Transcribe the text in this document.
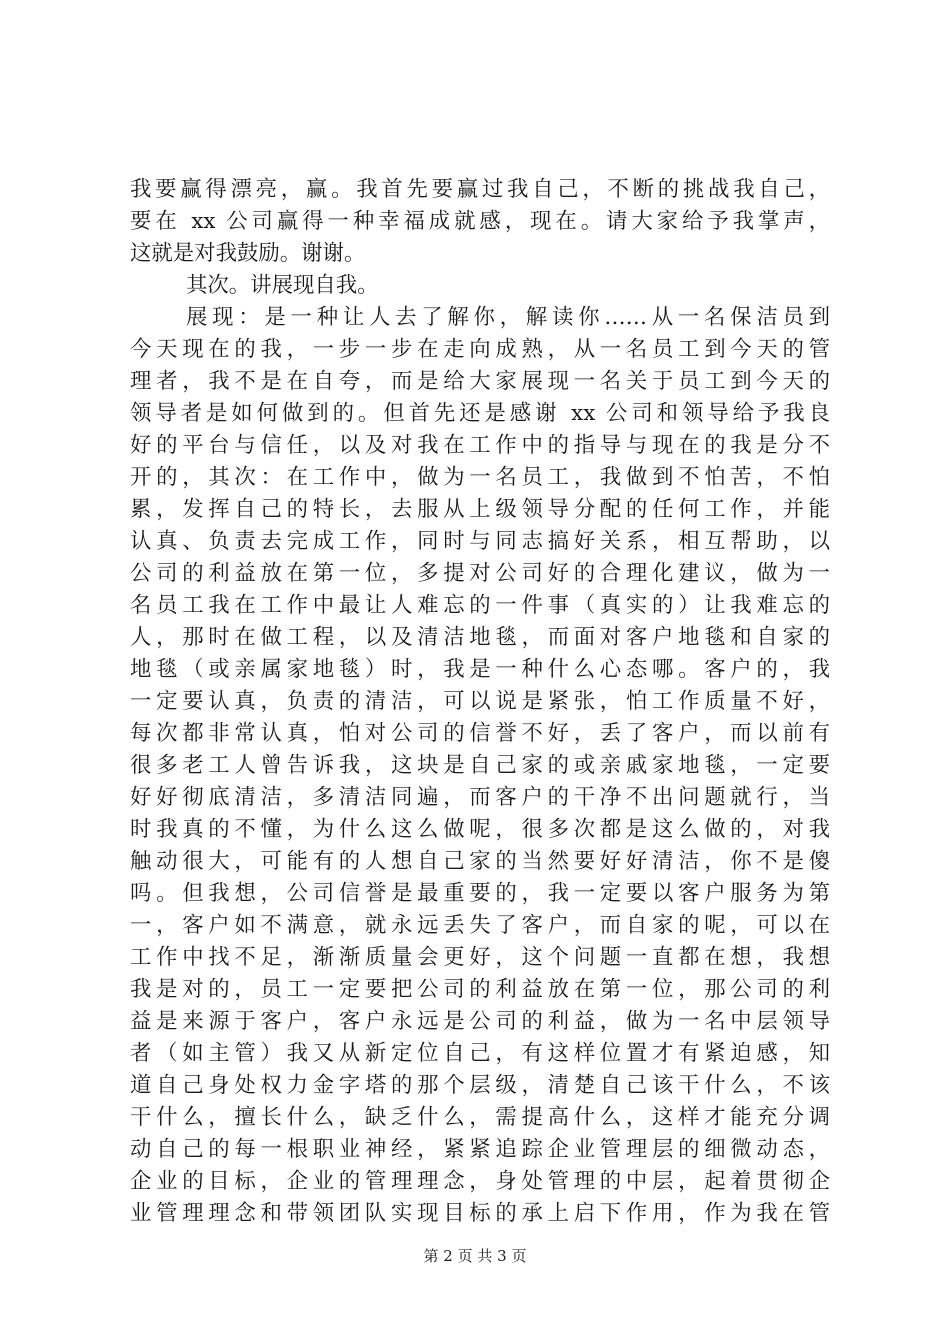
我要赢得漂亮，赢。我首先要赢过我自己，不断的挑战我自己，
要在 xx 公司赢得一种幸福成就感，现在。请大家给予我掌声，
这就是对我鼓励。谢谢。
其次。讲展现自我。
展现：是一种让人去了解你，解读你……从一名保洁员到
今天现在的我，一步一步在走向成熟，从一名员工到今天的管
理者，我不是在自夸，而是给大家展现一名关于员工到今天的
领导者是如何做到的。但首先还是感谢 xx 公司和领导给予我良
好的平台与信任，以及对我在工作中的指导与现在的我是分不
开的，其次：在工作中，做为一名员工，我做到不怕苦，不怕
累，发挥自己的特长，去服从上级领导分配的任何工作，并能
认真、负责去完成工作，同时与同志搞好关系，相互帮助，以
公司的利益放在第一位，多提对公司好的合理化建议，做为一
名员工我在工作中最让人难忘的一件事（真实的）让我难忘的
人，那时在做工程，以及清洁地毯，而面对客户地毯和自家的
地毯（或亲属家地毯）时，我是一种什么心态哪。客户的，我
一定要认真，负责的清洁，可以说是紧张，怕工作质量不好，
每次都非常认真，怕对公司的信誉不好，丢了客户，而以前有
很多老工人曾告诉我，这块是自己家的或亲戚家地毯，一定要
好好彻底清洁，多清洁同遍，而客户的干净不出问题就行，当
时我真的不懂，为什么这么做呢，很多次都是这么做的，对我
触动很大，可能有的人想自己家的当然要好好清洁，你不是傻
吗。但我想，公司信誉是最重要的，我一定要以客户服务为第
一，客户如不满意，就永远丢失了客户，而自家的呢，可以在
工作中找不足，渐渐质量会更好，这个问题一直都在想，我想
我是对的，员工一定要把公司的利益放在第一位，那公司的利
益是来源于客户，客户永远是公司的利益，做为一名中层领导
者（如主管）我又从新定位自己，有这样位置才有紧迫感，知
道自己身处权力金字塔的那个层级，清楚自己该干什么，不该
干什么，擅长什么，缺乏什么，需提高什么，这样才能充分调
动自己的每一根职业神经，紧紧追踪企业管理层的细微动态，
企业的目标，企业的管理理念，身处管理的中层，起着贯彻企
业管理理念和带领团队实现目标的承上启下作用，作为我在管
第 2 页 共 3 页
